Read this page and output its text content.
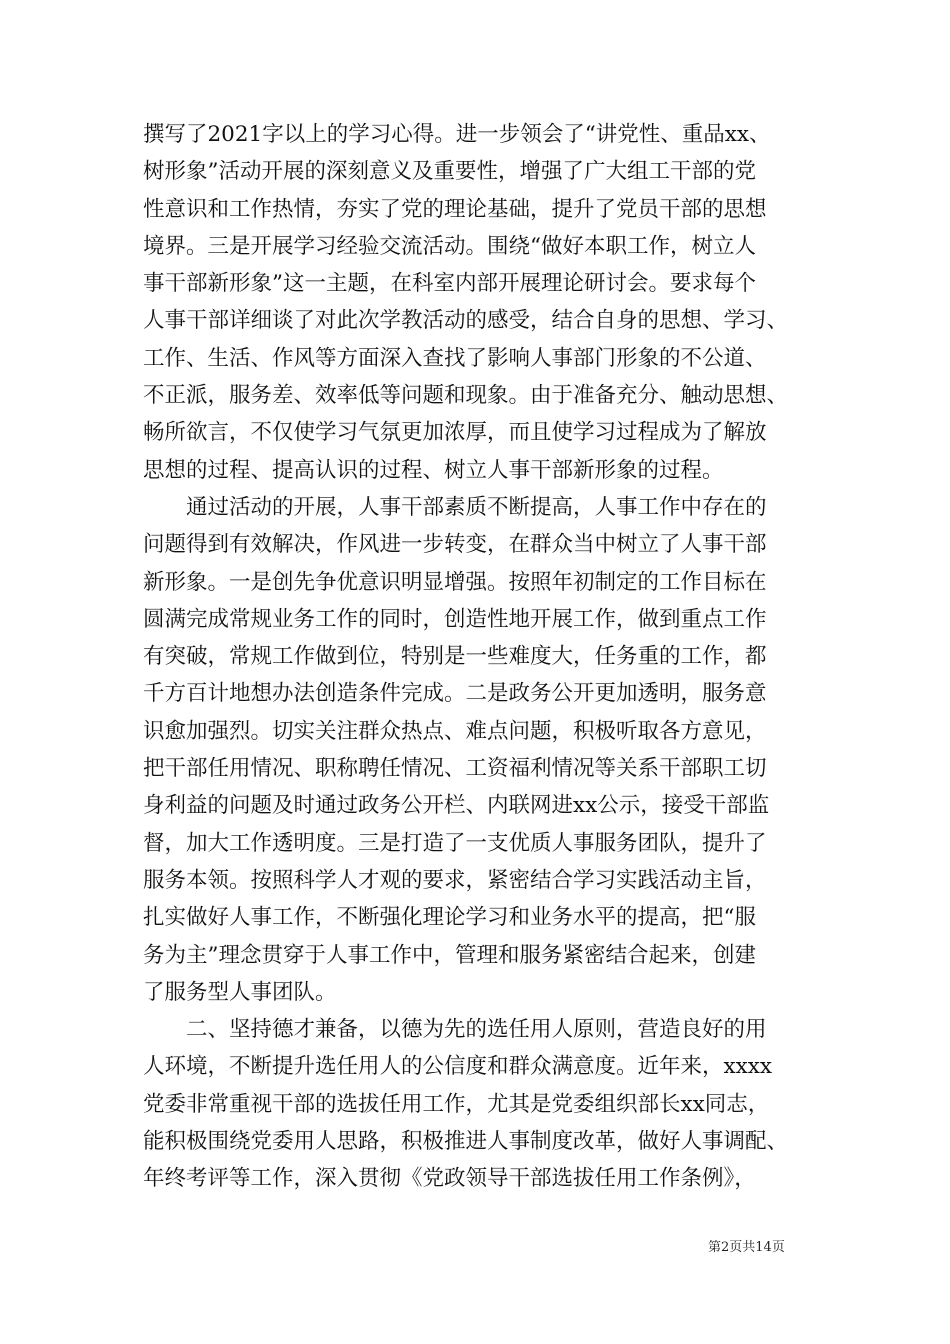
撰写了2021字以上的学习心得。进一步领会了“讲党性、重品xx、
树形象”活动开展的深刻意义及重要性，增强了广大组工干部的党
性意识和工作热情，夯实了党的理论基础，提升了党员干部的思想
境界。三是开展学习经验交流活动。围绕“做好本职工作，树立人
事干部新形象”这一主题，在科室内部开展理论研讨会。要求每个
人事干部详细谈了对此次学教活动的感受，结合自身的思想、学习、
工作、生活、作风等方面深入查找了影响人事部门形象的不公道、
不正派，服务差、效率低等问题和现象。由于准备充分、触动思想、
畅所欲言，不仅使学习气氛更加浓厚，而且使学习过程成为了解放
思想的过程、提高认识的过程、树立人事干部新形象的过程。
通过活动的开展，人事干部素质不断提高，人事工作中存在的
问题得到有效解决，作风进一步转变，在群众当中树立了人事干部
新形象。一是创先争优意识明显增强。按照年初制定的工作目标在
圆满完成常规业务工作的同时，创造性地开展工作，做到重点工作
有突破，常规工作做到位，特别是一些难度大，任务重的工作，都
千方百计地想办法创造条件完成。二是政务公开更加透明，服务意
识愈加强烈。切实关注群众热点、难点问题，积极听取各方意见，
把干部任用情况、职称聘任情况、工资福利情况等关系干部职工切
身利益的问题及时通过政务公开栏、内联网进xx公示，接受干部监
督，加大工作透明度。三是打造了一支优质人事服务团队，提升了
服务本领。按照科学人才观的要求，紧密结合学习实践活动主旨，
扎实做好人事工作，不断强化理论学习和业务水平的提高，把“服
务为主”理念贯穿于人事工作中，管理和服务紧密结合起来，创建
了服务型人事团队。
二、坚持德才兼备，以德为先的选任用人原则，营造良好的用
人环境，不断提升选任用人的公信度和群众满意度。近年来，xxxx
党委非常重视干部的选拔任用工作，尤其是党委组织部长xx同志，
能积极围绕党委用人思路，积极推进人事制度改革，做好人事调配、
年终考评等工作，深入贯彻《党政领导干部选拔任用工作条例》，
第2页共14页
